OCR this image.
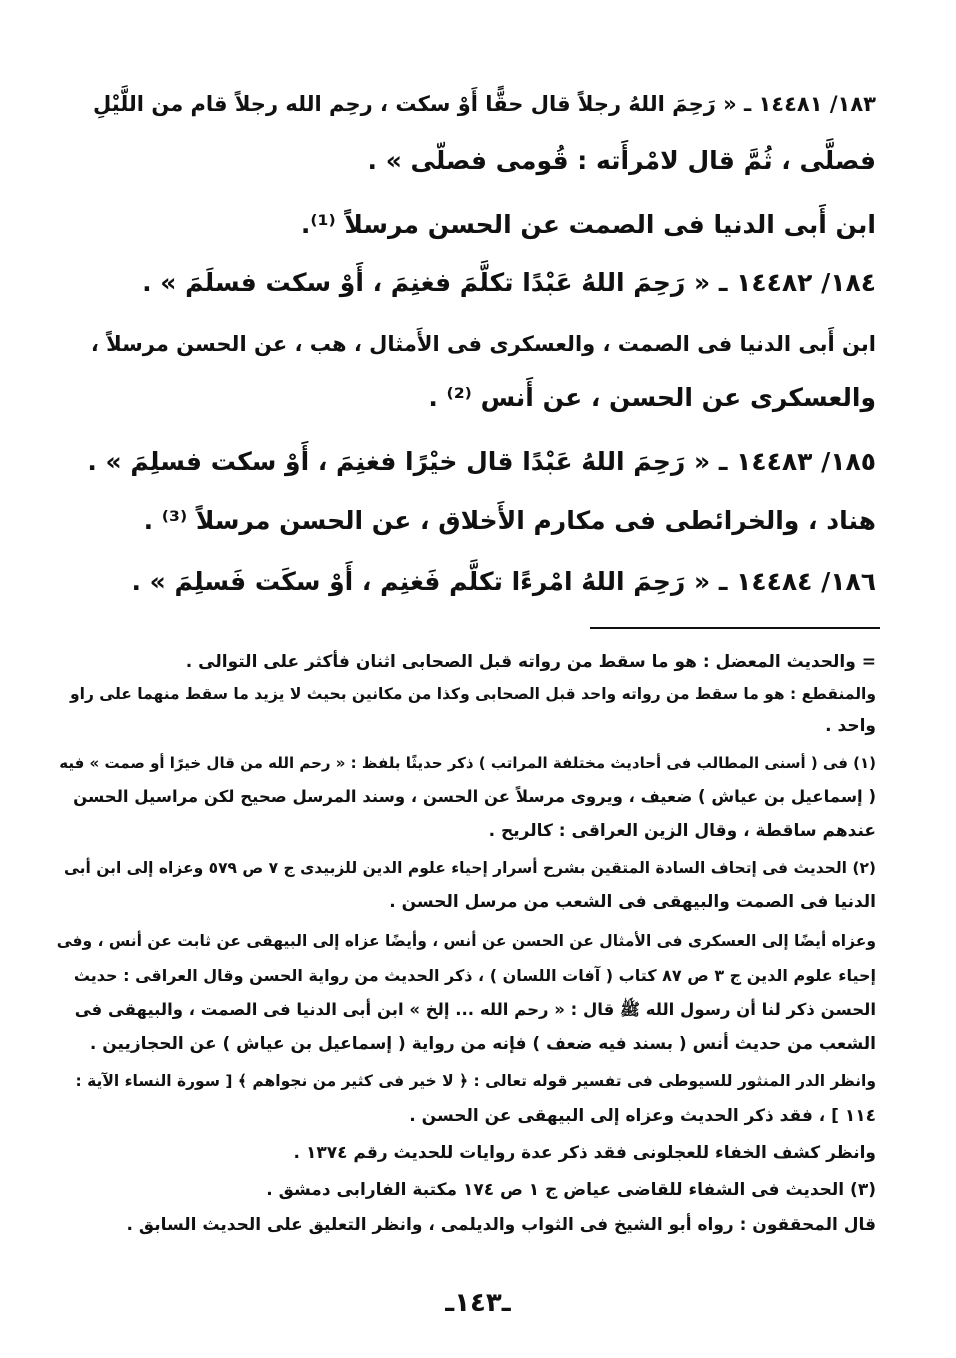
١٨٣/ ١٤٤٨١ ـ « رَحِمَ اللهُ رجلاً قال حقًّا أَوْ سكت ، رحِم الله رجلاً قام من اللَّيْلِ
فصلَّى ، ثُمَّ قال لامْرأَته : قُومى فصلّى » .
ابن أَبى الدنيا فى الصمت عن الحسن مرسلاً ⁽¹⁾.
١٨٤/ ١٤٤٨٢ ـ « رَحِمَ اللهُ عَبْدًا تكلَّمَ فغنِمَ ، أَوْ سكت فسلَمَ » .
ابن أَبى الدنيا فى الصمت ، والعسكرى فى الأَمثال ، هب ، عن الحسن مرسلاً ،
والعسكرى عن الحسن ، عن أَنس ⁽²⁾ .
١٨٥/ ١٤٤٨٣ ـ « رَحِمَ اللهُ عَبْدًا قال خيْرًا فغنِمَ ، أَوْ سكت فسلِمَ » .
هناد ، والخرائطى فى مكارم الأَخلاق ، عن الحسن مرسلاً ⁽³⁾ .
١٨٦/ ١٤٤٨٤ ـ « رَحِمَ اللهُ امْرءًا تكلَّم فَغنِم ، أَوْ سكَت فَسلِمَ » .
= والحديث المعضل : هو ما سقط من رواته قبل الصحابى اثنان فأكثر على التوالى .
والمنقطع : هو ما سقط من رواته واحد قبل الصحابى وكذا من مكانين بحيث لا يزيد ما سقط منهما على راو
واحد .
(١) فى ( أسنى المطالب فى أحاديث مختلفة المراتب ) ذكر حديثًا بلفظ : « رحم الله من قال خيرًا أو صمت » فيه
( إسماعيل بن عياش ) ضعيف ، ويروى مرسلاً عن الحسن ، وسند المرسل صحيح لكن مراسيل الحسن
عندهم ساقطة ، وقال الزين العراقى : كالريح .
(٢) الحديث فى إتحاف السادة المتقين بشرح أسرار إحياء علوم الدين للزبيدى ج ٧ ص ٥٧٩ وعزاه إلى ابن أبى
الدنيا فى الصمت والبيهقى فى الشعب من مرسل الحسن .
وعزاه أيضًا إلى العسكرى فى الأمثال عن الحسن عن أنس ، وأيضًا عزاه إلى البيهقى عن ثابت عن أنس ، وفى
إحياء علوم الدين ج ٣ ص ٨٧ كتاب ( آفات اللسان ) ، ذكر الحديث من رواية الحسن وقال العراقى : حديث
الحسن ذكر لنا أن رسول الله ﷺ قال : « رحم الله ... إلخ » ابن أبى الدنيا فى الصمت ، والبيهقى فى
الشعب من حديث أنس ( بسند فيه ضعف ) فإنه من رواية ( إسماعيل بن عياش ) عن الحجازيين .
وانظر الدر المنثور للسيوطى فى تفسير قوله تعالى : ﴿ لا خير فى كثير من نجواهم ﴾ [ سورة النساء الآية :
١١٤ ] ، فقد ذكر الحديث وعزاه إلى البيهقى عن الحسن .
وانظر كشف الخفاء للعجلونى فقد ذكر عدة روايات للحديث رقم ١٣٧٤ .
(٣) الحديث فى الشفاء للقاضى عياض ج ١ ص ١٧٤ مكتبة الفارابى دمشق .
قال المحققون : رواه أبو الشيخ فى الثواب والديلمى ، وانظر التعليق على الحديث السابق .
ـ١٤٣ـ
